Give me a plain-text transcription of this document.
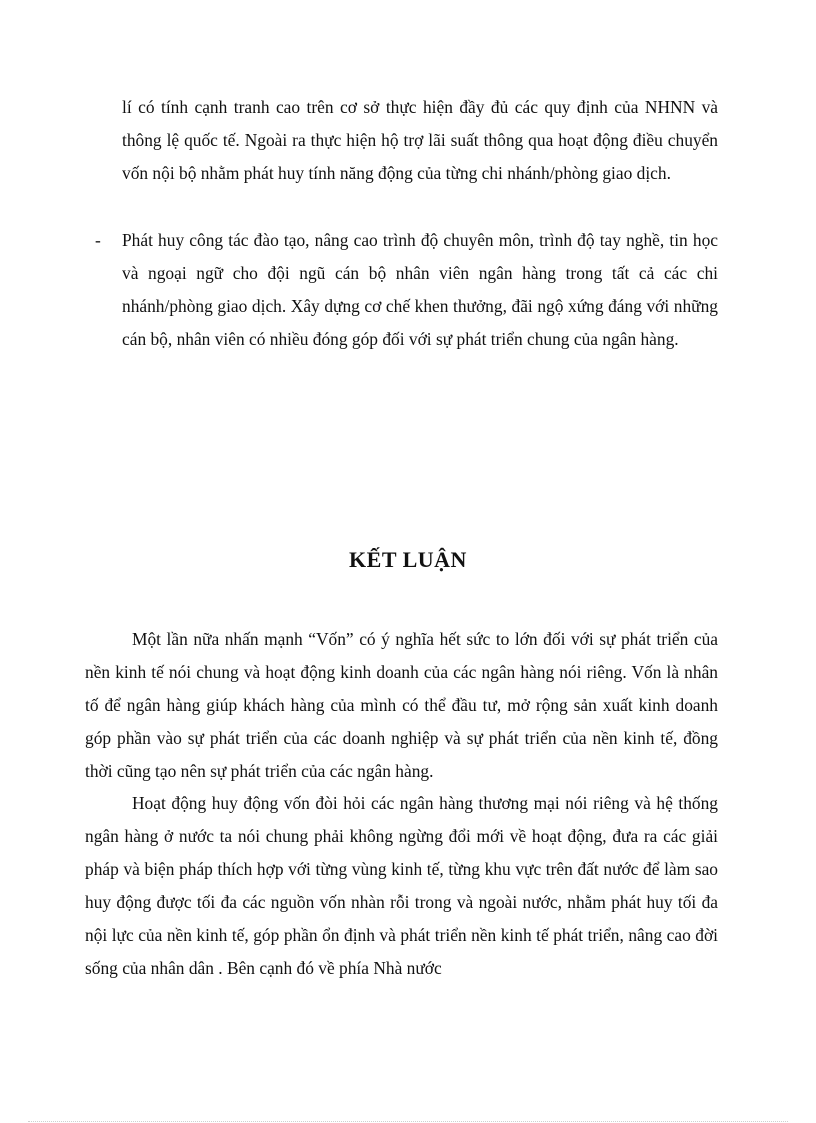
lí có tính cạnh tranh cao trên cơ sở thực hiện đầy đủ các quy định của NHNN và thông lệ quốc tế. Ngoài ra thực hiện hộ trợ lãi suất thông qua hoạt động điều chuyển vốn nội bộ nhằm phát huy tính năng động của từng chi nhánh/phòng giao dịch.

- Phát huy công tác đào tạo, nâng cao trình độ chuyên môn, trình độ tay nghề, tin học và ngoại ngữ cho đội ngũ cán bộ nhân viên ngân hàng trong tất cả các chi nhánh/phòng giao dịch. Xây dựng cơ chế khen thưởng, đãi ngộ xứng đáng với những cán bộ, nhân viên có nhiều đóng góp đối với sự phát triển chung của ngân hàng.

KẾT LUẬN

Một lần nữa nhấn mạnh “Vốn” có ý nghĩa hết sức to lớn đối với sự phát triển của nền kinh tế nói chung và hoạt động kinh doanh của các ngân hàng nói riêng. Vốn là nhân tố để ngân hàng giúp khách hàng của mình có thể đầu tư, mở rộng sản xuất kinh doanh góp phần vào sự phát triển của các doanh nghiệp và sự phát triển của nền kinh tế, đồng thời cũng tạo nên sự phát triển của các ngân hàng.

Hoạt động huy động vốn đòi hỏi các ngân hàng thương mại nói riêng và hệ thống ngân hàng ở nước ta nói chung phải không ngừng đổi mới về hoạt động, đưa ra các giải pháp và biện pháp thích hợp với từng vùng kinh tế, từng khu vực trên đất nước để làm sao huy động được tối đa các nguồn vốn nhàn rỗi trong và ngoài nước, nhằm phát huy tối đa nội lực của nền kinh tế, góp phần ổn định và phát triển nền kinh tế phát triển, nâng cao đời sống của nhân dân . Bên cạnh đó về phía Nhà nước
